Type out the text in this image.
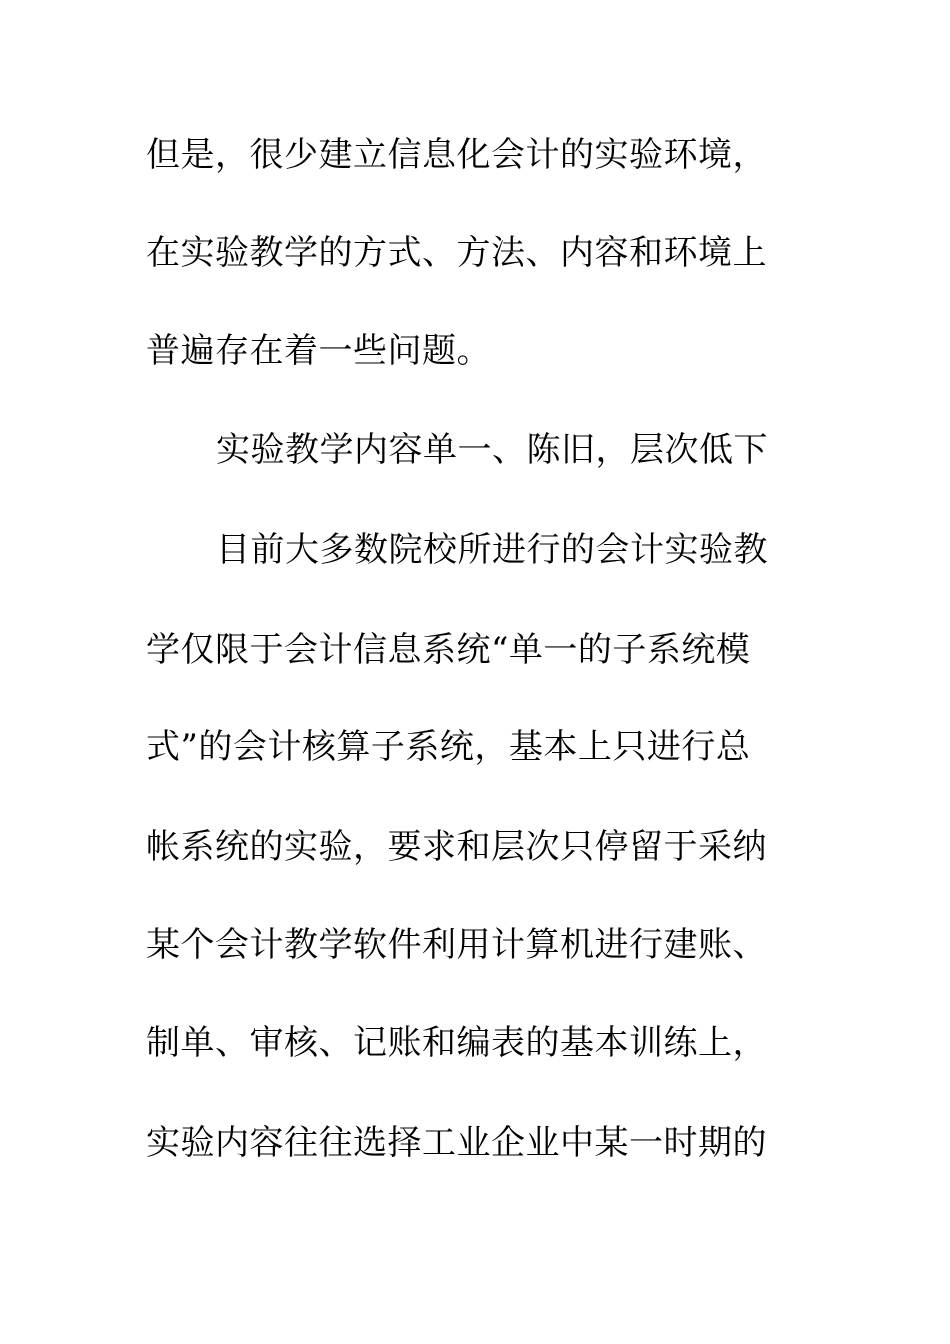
但是，很少建立信息化会计的实验环境，
在实验教学的方式、方法、内容和环境上
普遍存在着一些问题。
实验教学内容单一、陈旧，层次低下
目前大多数院校所进行的会计实验教
学仅限于会计信息系统“单一的子系统模
式”的会计核算子系统，基本上只进行总
帐系统的实验，要求和层次只停留于采纳
某个会计教学软件利用计算机进行建账、
制单、审核、记账和编表的基本训练上，
实验内容往往选择工业企业中某一时期的
